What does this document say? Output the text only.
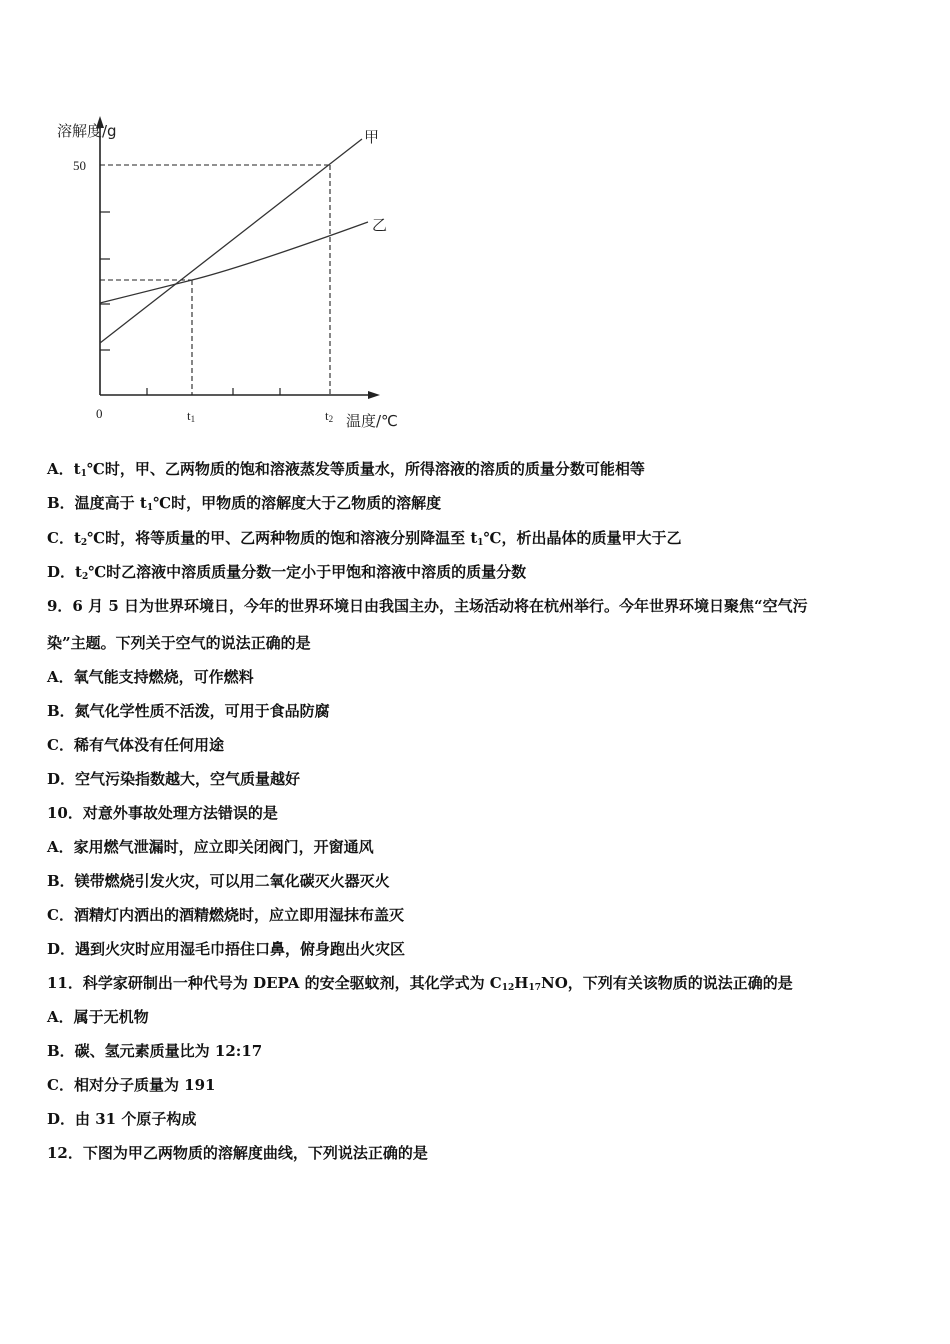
溶解度/g
温度/℃
50
0	t1	t2
甲
乙
A．$t_1℃$时，甲、乙两物质的饱和溶液蒸发等质量水，所得溶液的溶质的质量分数可能相等
B．温度高于 $t_1℃$时，甲物质的溶解度大于乙物质的溶解度
C．$t_2℃$时，将等质量的甲、乙两种物质的饱和溶液分别降温至 $t_1℃$，析出晶体的质量甲大于乙
D．$t_2℃$时乙溶液中溶质质量分数一定小于甲饱和溶液中溶质的质量分数
9．6 月 5 日为世界环境日，今年的世界环境日由我国主办，主场活动将在杭州举行。今年世界环境日聚焦“空气污
染”主题。下列关于空气的说法正确的是
A．氧气能支持燃烧，可作燃料
B．氮气化学性质不活泼，可用于食品防腐
C．稀有气体没有任何用途
D．空气污染指数越大，空气质量越好
10．对意外事故处理方法错误的是
A．家用燃气泄漏时，应立即关闭阀门，开窗通风
B．镁带燃烧引发火灾，可以用二氧化碳灭火器灭火
C．酒精灯内洒出的酒精燃烧时，应立即用湿抹布盖灭
D．遇到火灾时应用湿毛巾捂住口鼻，俯身跑出火灾区
11．科学家研制出一种代号为 DEPA 的安全驱蚊剂，其化学式为 $C_{12}H_{17}NO$，下列有关该物质的说法正确的是
A．属于无机物
B．碳、氢元素质量比为 12:17
C．相对分子质量为 191
D．由 31 个原子构成
12．下图为甲乙两物质的溶解度曲线，下列说法正确的是
